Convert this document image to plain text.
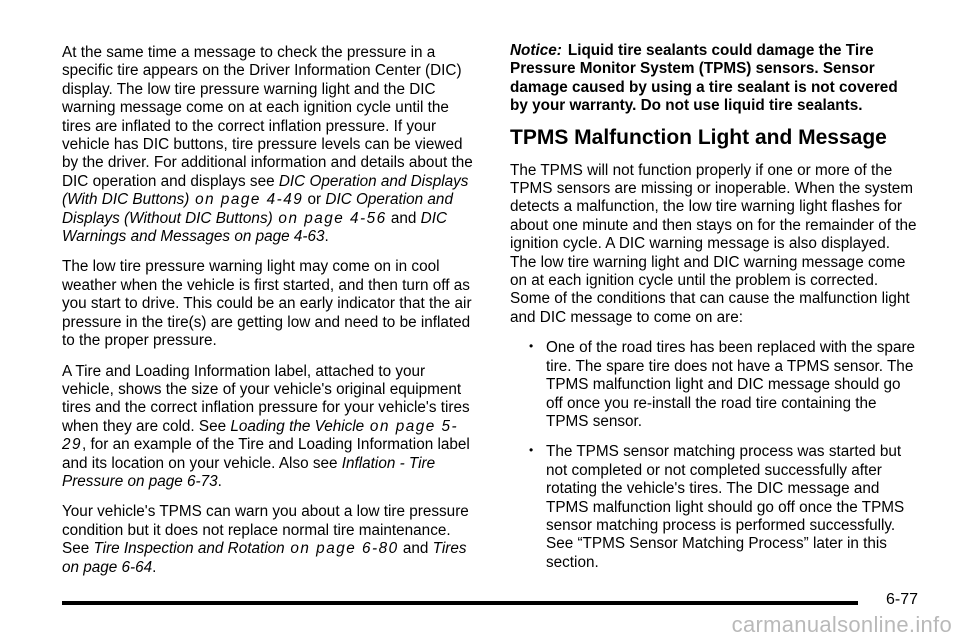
At the same time a message to check the pressure in a specific tire appears on the Driver Information Center (DIC) display. The low tire pressure warning light and the DIC warning message come on at each ignition cycle until the tires are inflated to the correct inflation pressure. If your vehicle has DIC buttons, tire pressure levels can be viewed by the driver. For additional information and details about the DIC operation and displays see DIC Operation and Displays (With DIC Buttons) on page 4-49 or DIC Operation and Displays (Without DIC Buttons) on page 4-56 and DIC Warnings and Messages on page 4-63.

The low tire pressure warning light may come on in cool weather when the vehicle is first started, and then turn off as you start to drive. This could be an early indicator that the air pressure in the tire(s) are getting low and need to be inflated to the proper pressure.

A Tire and Loading Information label, attached to your vehicle, shows the size of your vehicle's original equipment tires and the correct inflation pressure for your vehicle's tires when they are cold. See Loading the Vehicle on page 5-29, for an example of the Tire and Loading Information label and its location on your vehicle. Also see Inflation - Tire Pressure on page 6-73.

Your vehicle's TPMS can warn you about a low tire pressure condition but it does not replace normal tire maintenance. See Tire Inspection and Rotation on page 6-80 and Tires on page 6-64.

Notice: Liquid tire sealants could damage the Tire Pressure Monitor System (TPMS) sensors. Sensor damage caused by using a tire sealant is not covered by your warranty. Do not use liquid tire sealants.

TPMS Malfunction Light and Message

The TPMS will not function properly if one or more of the TPMS sensors are missing or inoperable. When the system detects a malfunction, the low tire warning light flashes for about one minute and then stays on for the remainder of the ignition cycle. A DIC warning message is also displayed. The low tire warning light and DIC warning message come on at each ignition cycle until the problem is corrected. Some of the conditions that can cause the malfunction light and DIC message to come on are:

• One of the road tires has been replaced with the spare tire. The spare tire does not have a TPMS sensor. The TPMS malfunction light and DIC message should go off once you re-install the road tire containing the TPMS sensor.
• The TPMS sensor matching process was started but not completed or not completed successfully after rotating the vehicle's tires. The DIC message and TPMS malfunction light should go off once the TPMS sensor matching process is performed successfully. See “TPMS Sensor Matching Process” later in this section.
6-77
carmanualsonline.info
